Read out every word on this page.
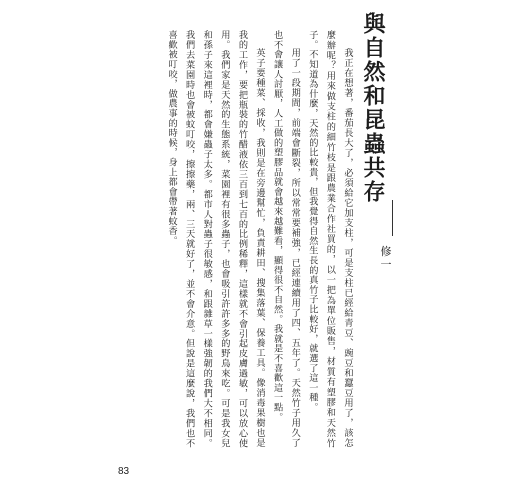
與自然和昆蟲共存
修一

我正在想著，番茄長大了，必須給它加支柱，可是支柱已經給青豆、豌豆和蠶豆用了，該怎麼辦呢？用來做支柱的細竹枝是跟農業合作社買的，以一把為單位販售，材質有塑膠和天然竹子。不知道為什麼，天然的比較貴，但我覺得自然生長的真竹子比較好，就選了這一種。

用了一段期間，前端會斷裂，所以常常要補強，已經連續用了四、五年了。天然竹子用久了也不會讓人討厭，人工做的塑膠品就會越來越難看，顯得很不自然。我就是不喜歡這一點。

英子要種菜、採收，我則是在旁邊幫忙，負責耕田、搜集落葉、保養工具。像消毒果樹也是我的工作，要把瓶裝的竹醋液依三百到七百的比例稀釋，這樣就不會引起皮膚過敏，可以放心使用。我們家是天然的生態系統，菜園裡有很多蟲子，也會吸引許許多多的野鳥來吃。可是我女兒和孫子來這裡時，都會嫌蟲子太多。都市人對蟲子很敏感，和跟雜草一樣強韌的我們大不相同。我們去菜園時也會被蚊叮咬，擦擦藥，兩、三天就好了，並不會介意。但說是這麼說，我們也不喜歡被叮咬，做農事的時候，身上都會帶著蚊香。

83
